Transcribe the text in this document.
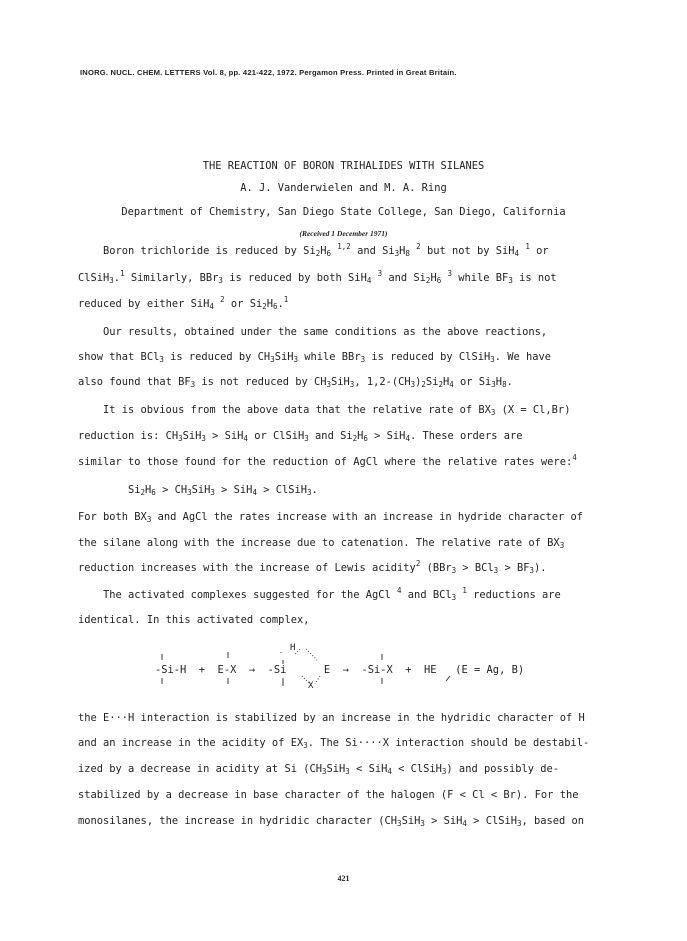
INORG. NUCL. CHEM. LETTERS Vol. 8, pp. 421-422, 1972. Pergamon Press. Printed in Great Britain.
THE REACTION OF BORON TRIHALIDES WITH SILANES
A. J. Vanderwielen and M. A. Ring
Department of Chemistry, San Diego State College, San Diego, California
(Received 1 December 1971)
Boron trichloride is reduced by $Si_2H_6$ $^{1,2}$ and $Si_3H_8$ $^2$ but not by SiH$_4$ $^1$ or
ClSiH$_3$.$^1$ Similarly, BBr$_3$ is reduced by both SiH$_4$ $^3$ and $Si_2H_6$ $^3$ while $BF_3$ is not
reduced by either SiH$_4$ $^2$ or $Si_2H_6.^1$
Our results, obtained under the same conditions as the above reactions,
show that BCl$_3$ is reduced by $CH_3SiH_3$ while BBr$_3$ is reduced by ClSiH$_3$. We have
also found that $BF_3$ is not reduced by $CH_3SiH_3$, $1,2-(CH_3)_2Si_2H_4$ or $Si_3H_8$.
It is obvious from the above data that the relative rate of $BX_3$ (X = Cl,Br)
reduction is: $CH_3SiH_3 > SiH_4$ or ClSiH$_3$ and $Si_2H_6 > SiH_4$. These orders are
similar to those found for the reduction of AgCl where the relative rates were:$^4$
$Si_2H_6 > CH_3SiH_3 > SiH_4$ > ClSiH$_3$.
For both $BX_3$ and AgCl the rates increase with an increase in hydride character of
the silane along with the increase due to catenation. The relative rate of $BX_3$
reduction increases with the increase of Lewis acidity$^2$ $(BBr_3 > BCl_3 > BF_3)$.
The activated complexes suggested for the AgCl $^4$ and BCl$_3$ $^1$ reductions are
identical. In this activated complex,
H
-Si-H  +  E-X  →  -Si      E  →  -Si-X  +  HE   (E = Ag, B)
X
the E···H interaction is stabilized by an increase in the hydridic character of H
and an increase in the acidity of $EX_3$. The Si····X interaction should be destabil-
ized by a decrease in acidity at Si ($CH_3SiH_3 < SiH_4$ < ClSiH$_3$) and possibly de-
stabilized by a decrease in base character of the halogen (F < Cl < Br). For the
monosilanes, the increase in hydridic character ($CH_3SiH_3 > SiH_4$ > ClSiH$_3$, based on
421
